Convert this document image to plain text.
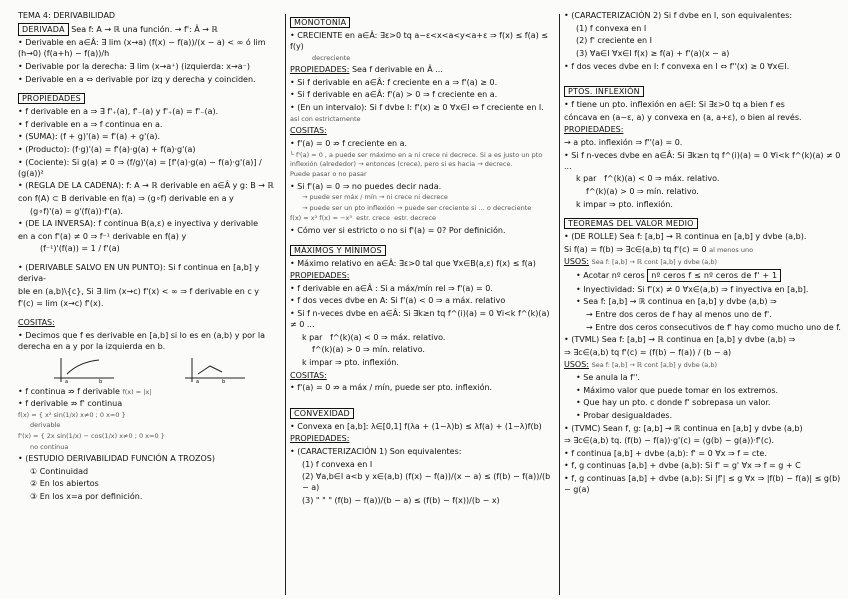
TEMA 4: DERIVABILIDAD
DERIVADA Sea f: A → ℝ una función. → f': Â → ℝ
• Derivable en a∈Â: ∃ lim (x→a) (f(x) − f(a))/(x − a) < ∞ ó lim (h→0) (f(a+h) − f(a))/h
• Derivable por la derecha: ∃ lim (x→a⁺) (izquierda: x→a⁻)
• Derivable en a ⇔ derivable por izq y derecha y coinciden.
PROPIEDADES
• f derivable en a ⇒ ∃ f'₊(a), f'₋(a) y f'₊(a) = f'₋(a).
• f derivable en a ⇒ f continua en a.
• (SUMA): (f + g)'(a) = f'(a) + g'(a).
• (Producto): (f·g)'(a) = f'(a)·g(a) + f(a)·g'(a)
• (Cociente): Si g(a) ≠ 0 ⇒ (f/g)'(a) = [f'(a)·g(a) − f(a)·g'(a)] / (g(a))²
• (REGLA DE LA CADENA): f: A → ℝ derivable en a∈Â y g: B → ℝ
con f(A) ⊂ B derivable en f(a) ⇒ (g∘f) derivable en a y
(g∘f)'(a) = g'(f(a))·f'(a).
• (DE LA INVERSA): f continua B(a,ε) e inyectiva y derivable
en a con f'(a) ≠ 0 ⇒ f⁻¹ derivable en f(a) y
(f⁻¹)'(f(a)) = 1 / f'(a)
• (DERIVABLE SALVO EN UN PUNTO): Si f continua en [a,b] y deriva-
ble en (a,b)\{c}, Si ∃ lim (x→c) f'(x) < ∞ ⇒ f derivable en c y
f'(c) = lim (x→c) f'(x).
COSITAS:
• Decimos que f es derivable en [a,b] si lo es en (a,b) y por la derecha en a y por la izquierda en b.
a	b	a	b
• f continua ⇏ f derivable f(x) = |x|
• f derivable ⇏ f' continua
f(x) = { x² sin(1/x) x≠0 ; 0 x=0 }
derivable
f'(x) = { 2x sin(1/x) − cos(1/x) x≠0 ; 0 x=0 }
no continua
• (ESTUDIO DERIVABILIDAD FUNCIÓN A TROZOS)
① Continuidad
② En los abiertos
③ En los x=a por definición.
MONOTONÍA
• CRECIENTE en a∈Â: ∃ε>0 tq a−ε<x<a<y<a+ε ⇒ f(x) ≤ f(a) ≤ f(y)
decreciente
PROPIEDADES: Sea f derivable en Â ...
• Si f derivable en a∈Â: f creciente en a ⇒ f'(a) ≥ 0.
• Si f derivable en a∈Â: f'(a) > 0 ⇒ f creciente en a.
• (En un intervalo): Si f dvbe I: f'(x) ≥ 0 ∀x∈I ⇔ f creciente en I.
así con estrictamente
COSITAS:
• f'(a) = 0 ⇏ f creciente en a.
└ f'(a) = 0 , a puede ser máximo en a ni crece ni decrece. Si a es justo un pto inflexión (alrededor) → entonces (crece), pero si es hacia → decrece.
Puede pasar o no pasar
• Si f'(a) = 0 ⇒ no puedes decir nada.
→ puede ser máx / mín → ni crece ni decrece
→ puede ser un pto inflexión → puede ser creciente si … o decreciente
f(x) = x³ f(x) = −x³ estr. crece estr. decrece
• Cómo ver si estricto o no si f'(a) = 0? Por definición.
MÁXIMOS Y MÍNIMOS
• Máximo relativo en a∈Â: ∃ε>0 tal que ∀x∈B(a,ε) f(x) ≤ f(a)
PROPIEDADES:
• f derivable en a∈Â : Si a máx/mín rel ⇒ f'(a) = 0.
• f dos veces dvbe en A: Si f'(a) < 0 ⇒ a máx. relativo
• Si f n-veces dvbe en a∈Â: Si ∃k≥n tq f^(i)(a) = 0 ∀i<k f^(k)(a) ≠ 0 ...
k par f^(k)(a) < 0 ⇒ máx. relativo.
f^(k)(a) > 0 ⇒ mín. relativo.
k impar ⇒ pto. inflexión.
COSITAS:
• f'(a) = 0 ⇏ a máx / mín, puede ser pto. inflexión.
CONVEXIDAD
• Convexa en [a,b]: λ∈[0,1] f(λa + (1−λ)b) ≤ λf(a) + (1−λ)f(b)
PROPIEDADES:
• (CARACTERIZACIÓN 1) Son equivalentes:
(1) f convexa en I
(2) ∀a,b∈I a<b y x∈(a,b) (f(x) − f(a))/(x − a) ≤ (f(b) − f(a))/(b − a)
(3) " " " (f(b) − f(a))/(b − a) ≤ (f(b) − f(x))/(b − x)
• (CARACTERIZACIÓN 2) Si f dvbe en I, son equivalentes:
(1) f convexa en I
(2) f' creciente en I
(3) ∀a∈I ∀x∈I f(x) ≥ f(a) + f'(a)(x − a)
• f dos veces dvbe en I: f convexa en I ⇔ f''(x) ≥ 0 ∀x∈I.
PTOS. INFLEXIÓN
• f tiene un pto. inflexión en a∈I: Si ∃ε>0 tq a bien f es
cóncava en (a−ε, a) y convexa en (a, a+ε), o bien al revés.
PROPIEDADES:
→ a pto. inflexión ⇒ f''(a) = 0.
• Si f n-veces dvbe en a∈Â: Si ∃k≥n tq f^(i)(a) = 0 ∀i<k f^(k)(a) ≠ 0 ...
k par f^(k)(a) < 0 ⇒ máx. relativo.
f^(k)(a) > 0 ⇒ mín. relativo.
k impar ⇒ pto. inflexión.
TEOREMAS DEL VALOR MEDIO
• (DE ROLLE) Sea f: [a,b] → ℝ continua en [a,b] y dvbe (a,b).
Si f(a) = f(b) ⇒ ∃c∈(a,b) tq f'(c) = 0 al menos uno
USOS: Sea f: [a,b] → ℝ cont [a,b] y dvbe (a,b)
• Acotar nº ceros nº ceros f ≤ nº ceros de f' + 1
• Inyectividad: Si f'(x) ≠ 0 ∀x∈(a,b) ⇒ f inyectiva en [a,b].
• Sea f: [a,b] → ℝ continua en [a,b] y dvbe (a,b) ⇒
→ Entre dos ceros de f hay al menos uno de f'.
→ Entre dos ceros consecutivos de f' hay como mucho uno de f.
• (TVML) Sea f: [a,b] → ℝ continua en [a,b] y dvbe (a,b) ⇒
⇒ ∃c∈(a,b) tq f'(c) = (f(b) − f(a)) / (b − a)
USOS: Sea f: [a,b] → ℝ cont [a,b] y dvbe (a,b)
• Se anula la f''.
• Máximo valor que puede tomar en los extremos.
• Que hay un pto. c donde f' sobrepasa un valor.
• Probar desigualdades.
• (TVMC) Sean f, g: [a,b] → ℝ continua en [a,b] y dvbe (a,b)
⇒ ∃c∈(a,b) tq. (f(b) − f(a))·g'(c) = (g(b) − g(a))·f'(c).
• f continua [a,b] + dvbe (a,b): f' = 0 ∀x ⇒ f = cte.
• f, g continuas [a,b] + dvbe (a,b): Si f' = g' ∀x ⇒ f = g + C
• f, g continuas [a,b] + dvbe (a,b): Si |f'| ≤ g ∀x ⇒ |f(b) − f(a)| ≤ g(b) − g(a)
